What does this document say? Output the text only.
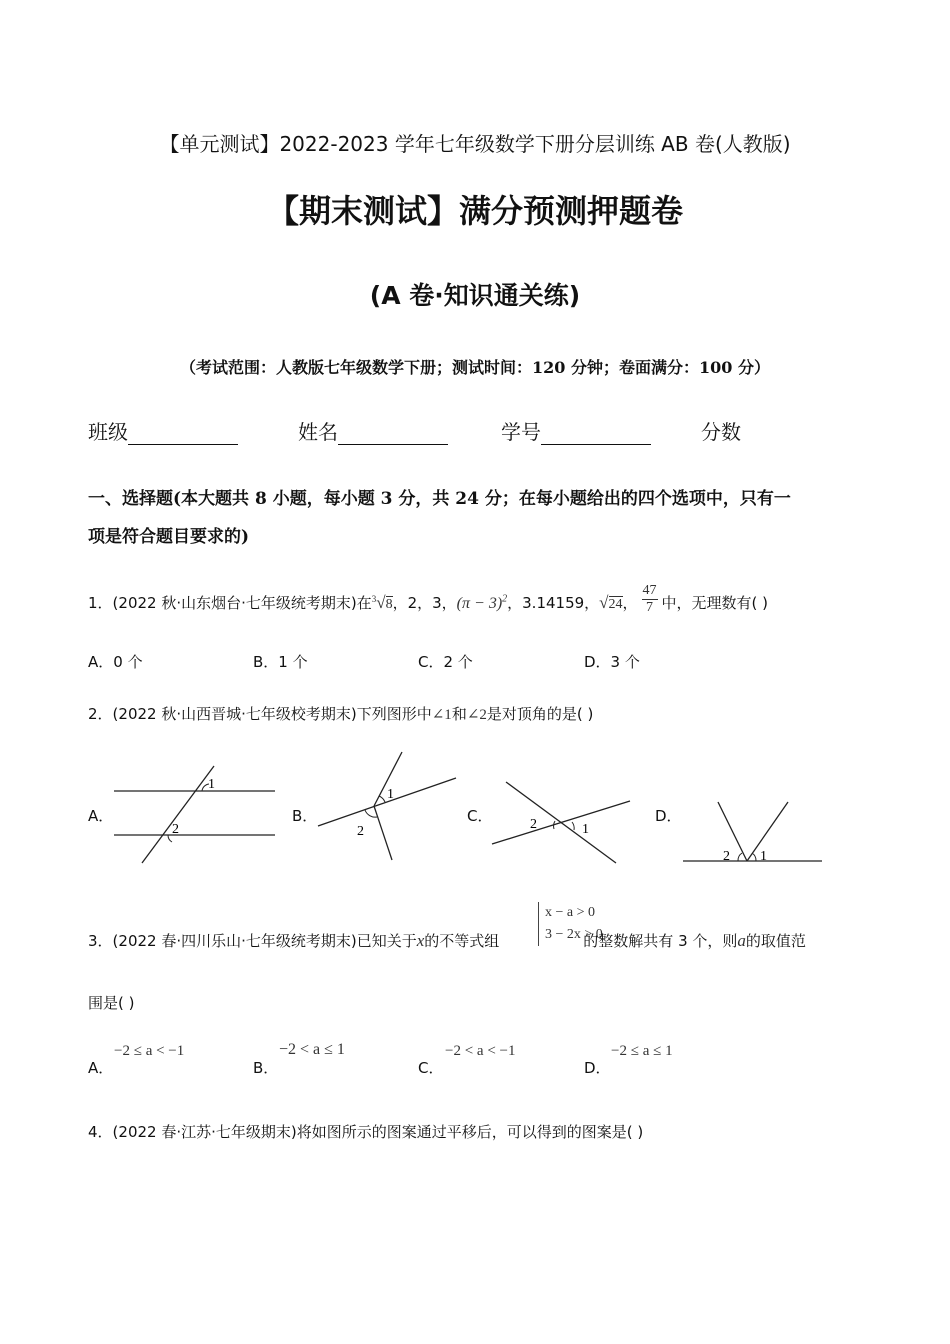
【单元测试】2022-2023 学年七年级数学下册分层训练 AB 卷(人教版)
【期末测试】满分预测押题卷
(A 卷·知识通关练)
（考试范围：人教版七年级数学下册；测试时间：120 分钟；卷面满分：100 分）
班级	姓名	学号	分数
一、选择题(本大题共 8 小题，每小题 3 分，共 24 分；在每小题给出的四个选项中，只有一
项是符合题目要求的)
1．(2022 秋·山东烟台·七年级统考期末)在$^3$√8，2，3，$(\pi - 3)^2$，3.14159，√24， $\frac{47}{7}$ 中，无理数有( )
A．0 个	B．1 个	C．2 个	D．3 个
2．(2022 秋·山西晋城·七年级校考期末)下列图形中∠1和∠2是对顶角的是( )
A．	B．	C．	D．
1
2
1
2	2	1
2 1
x − a > 0
3 − 2x > 0
3．(2022 春·四川乐山·七年级统考期末)已知关于x的不等式组	的整数解共有 3 个，则a的取值范
围是( )
A．
−2 ≤ a < −1
B．
−2 < a ≤ 1
C．
−2 < a < −1
D．
−2 ≤ a ≤ 1
4．(2022 春·江苏·七年级期末)将如图所示的图案通过平移后，可以得到的图案是( )
